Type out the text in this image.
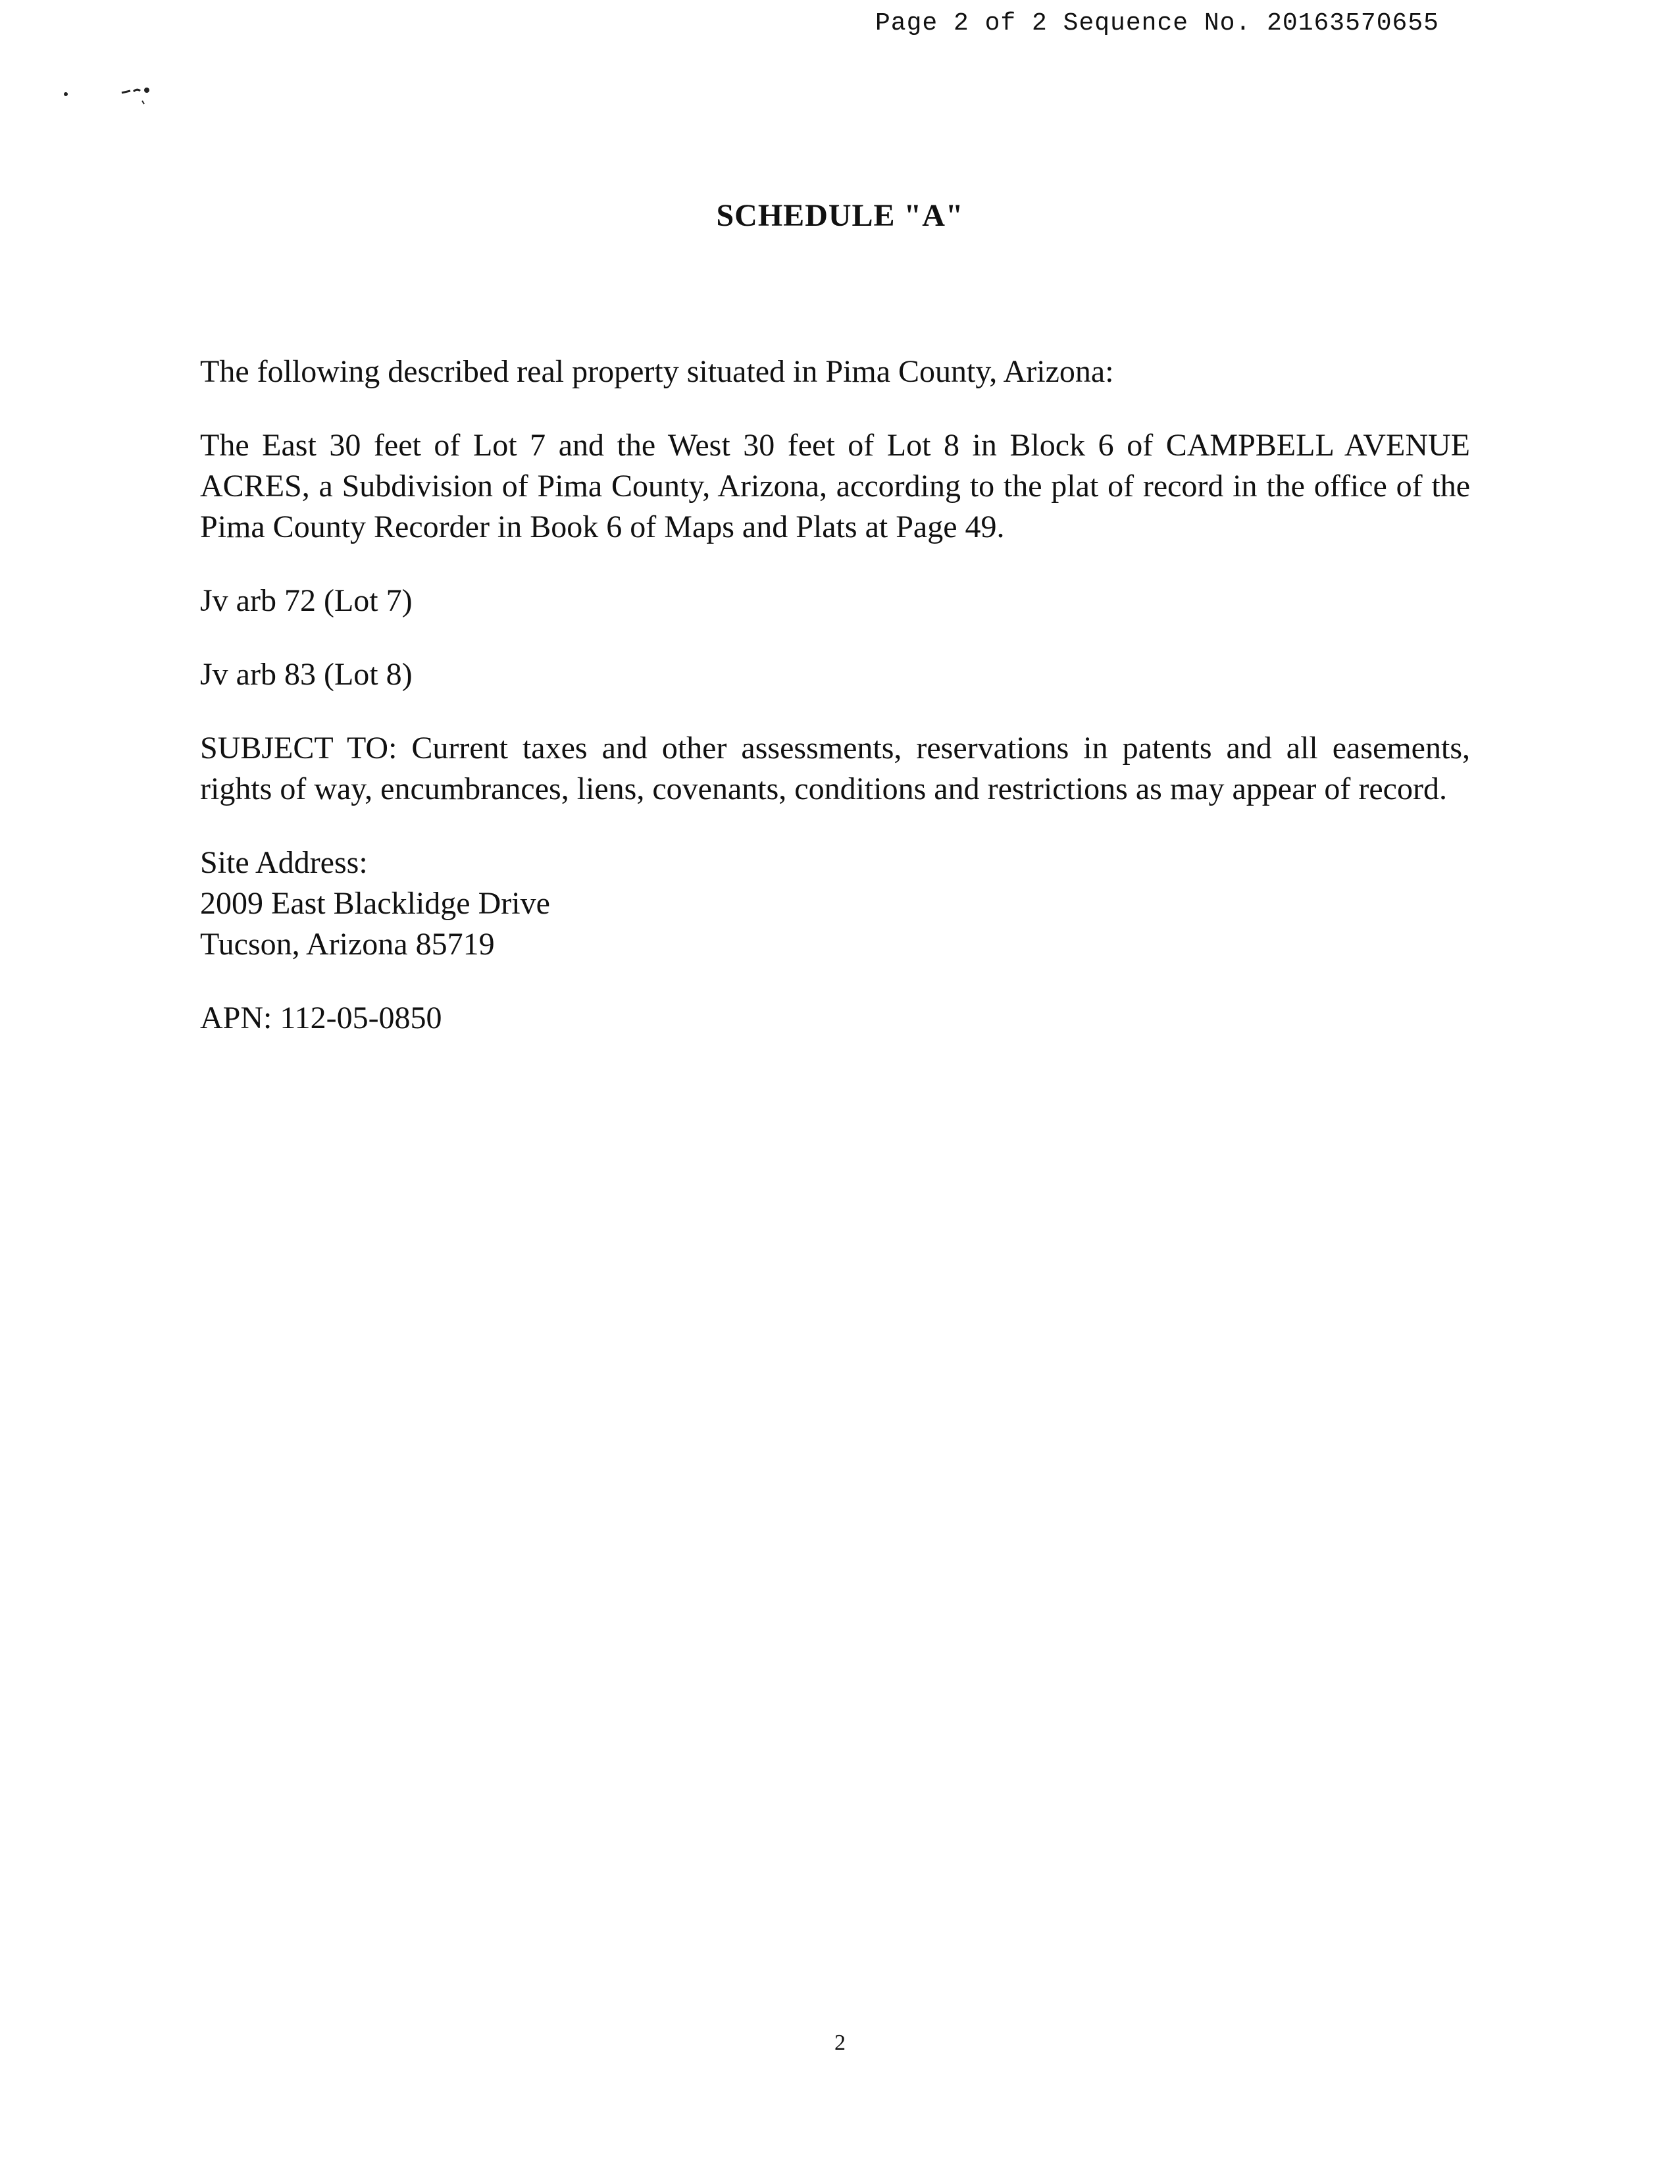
Page 2 of 2 Sequence No. 20163570655
SCHEDULE "A"

The following described real property situated in Pima County, Arizona:

The East 30 feet of Lot 7 and the West 30 feet of Lot 8 in Block 6 of CAMPBELL AVENUE ACRES, a Subdivision of Pima County, Arizona, according to the plat of record in the office of the Pima County Recorder in Book 6 of Maps and Plats at Page 49.

Jv arb 72 (Lot 7)

Jv arb 83 (Lot 8)

SUBJECT TO: Current taxes and other assessments, reservations in patents and all easements, rights of way, encumbrances, liens, covenants, conditions and restrictions as may appear of record.

Site Address:
2009 East Blacklidge Drive
Tucson, Arizona 85719

APN: 112-05-0850

2
